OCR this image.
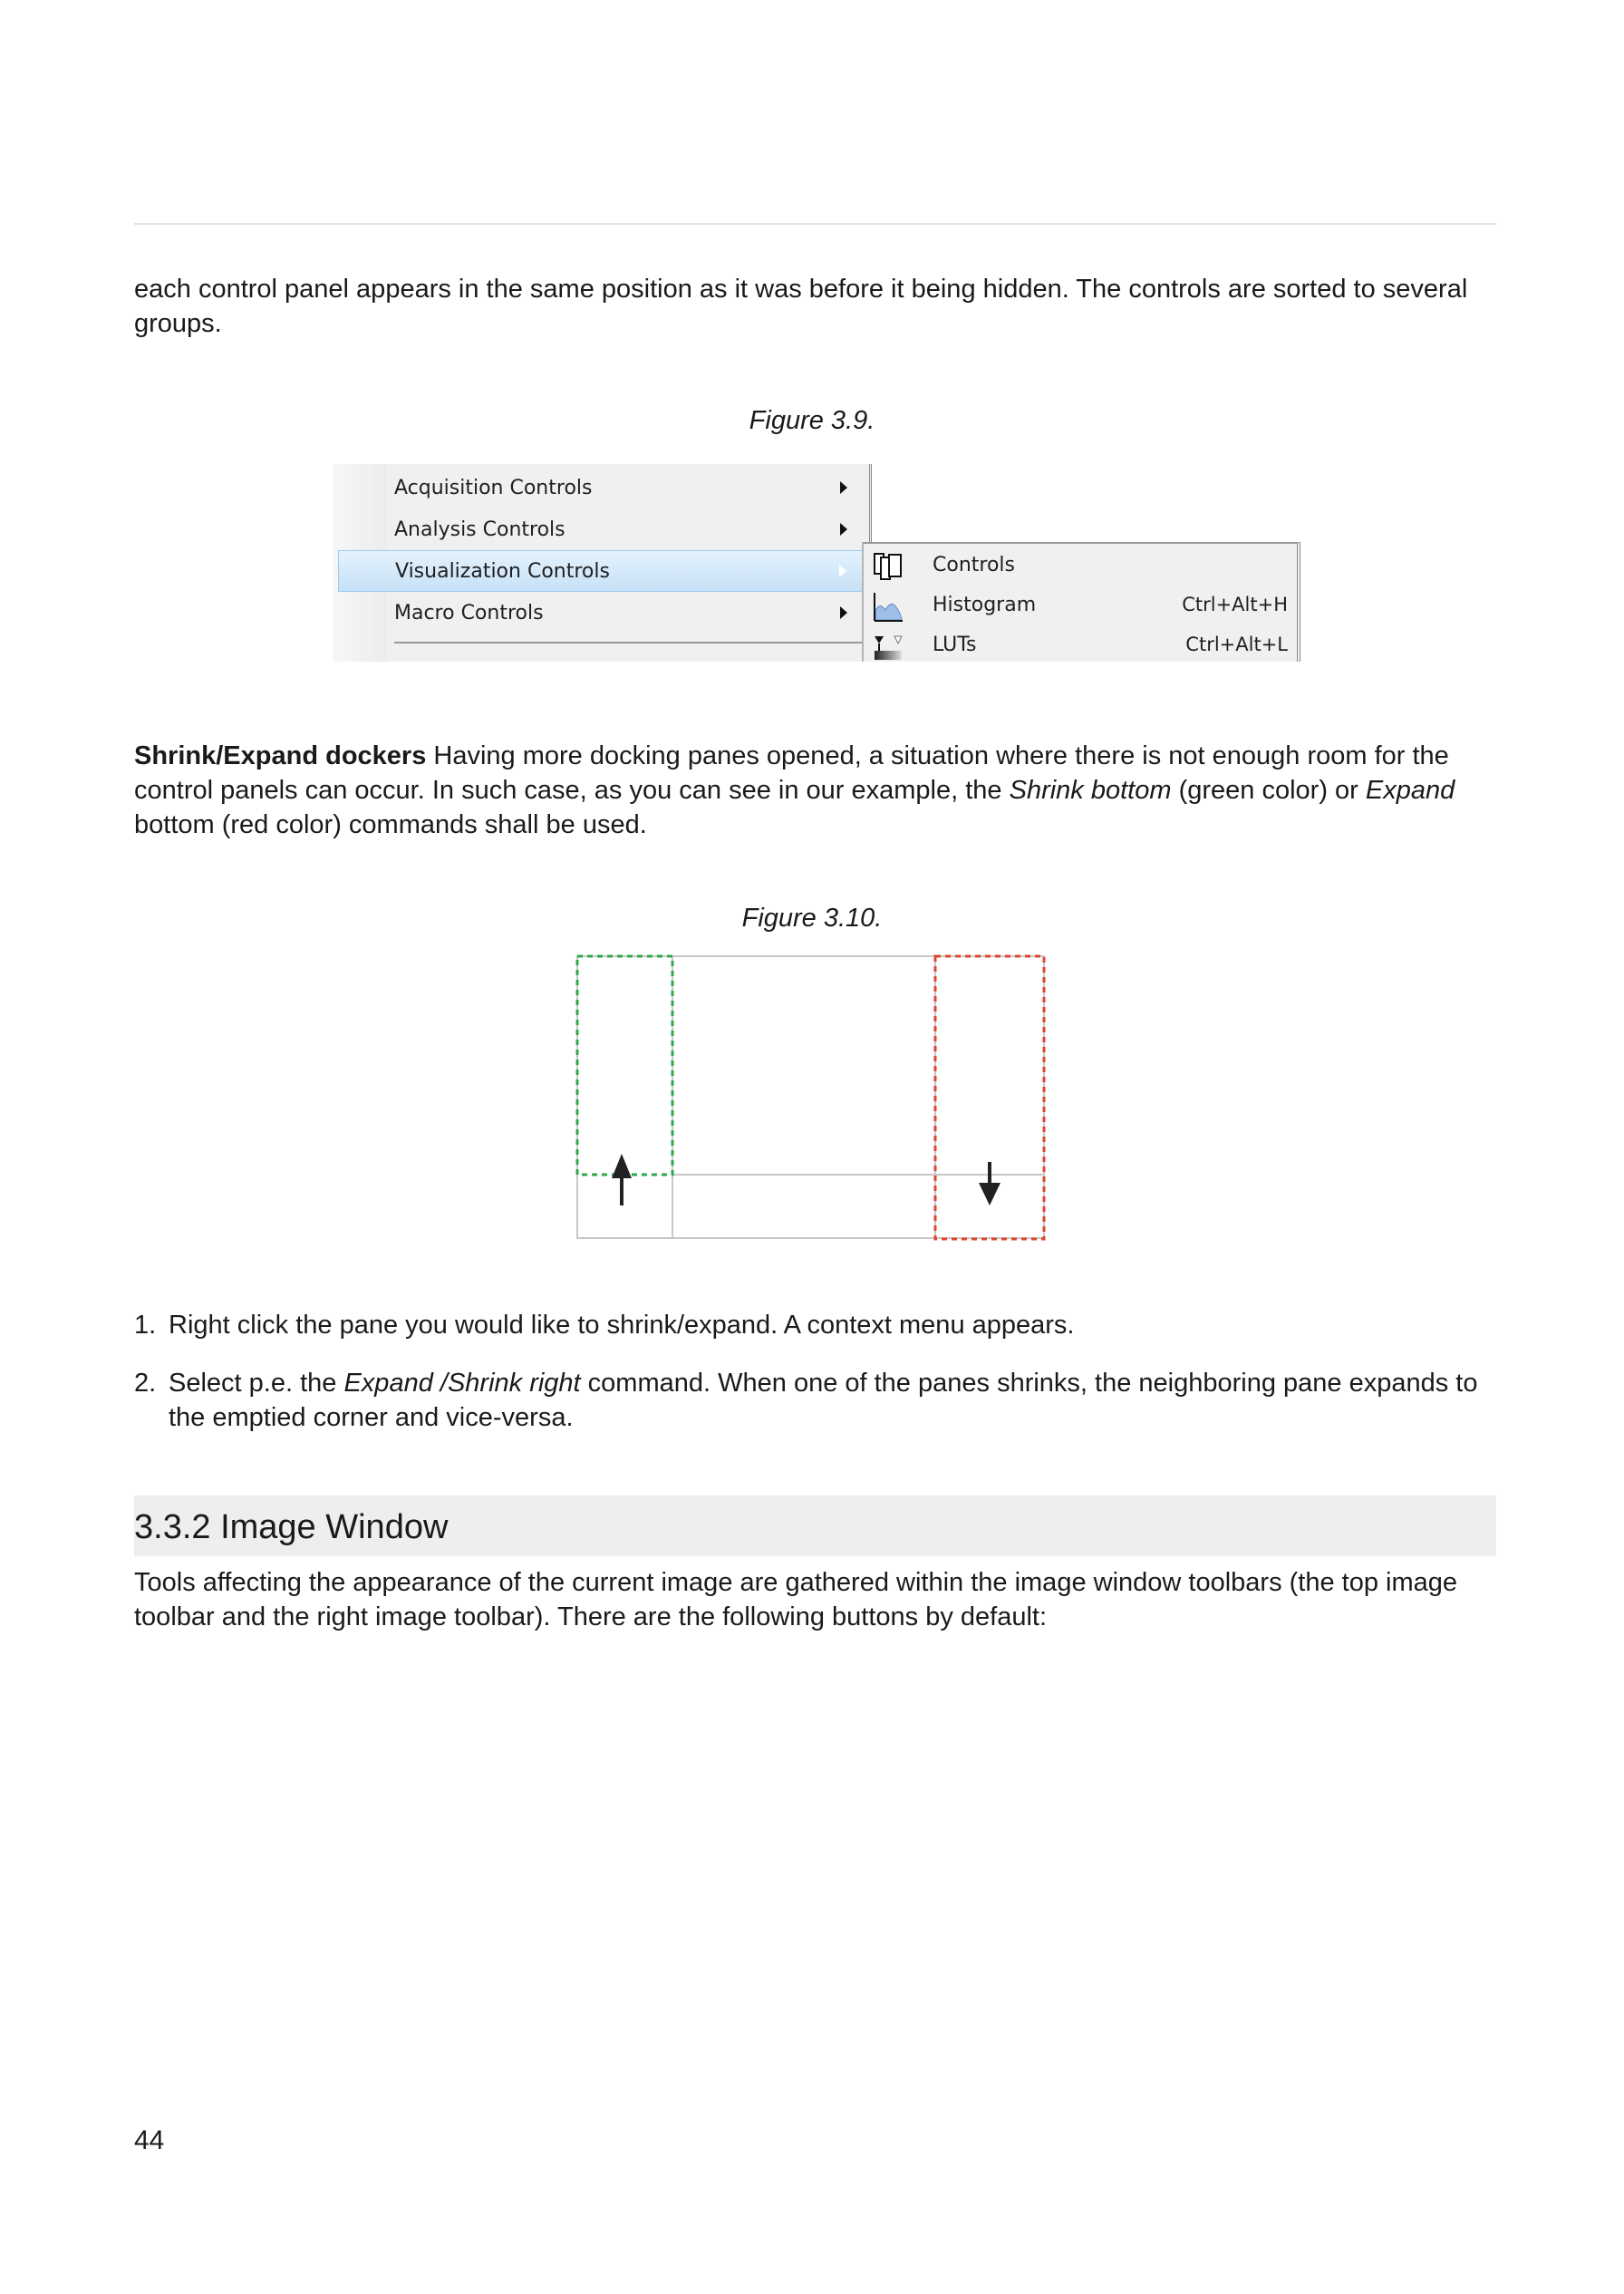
each control panel appears in the same position as it was before it being hidden. The controls are sorted to several groups.
Figure 3.9.
Acquisition Controls
Analysis Controls
Visualization Controls
Macro Controls
Controls
Histogram	Ctrl+Alt+H
LUTs	Ctrl+Alt+L
Shrink/Expand dockers Having more docking panes opened, a situation where there is not enough room for the control panels can occur. In such case, as you can see in our example, the Shrink bottom (green color) or Expand bottom (red color) commands shall be used.
Figure 3.10.
1. Right click the pane you would like to shrink/expand. A context menu appears.
2. Select p.e. the Expand /Shrink right command. When one of the panes shrinks, the neighboring pane expands to the emptied corner and vice-versa.
3.3.2 Image Window
Tools affecting the appearance of the current image are gathered within the image window toolbars (the top image toolbar and the right image toolbar). There are the following buttons by default:
44
